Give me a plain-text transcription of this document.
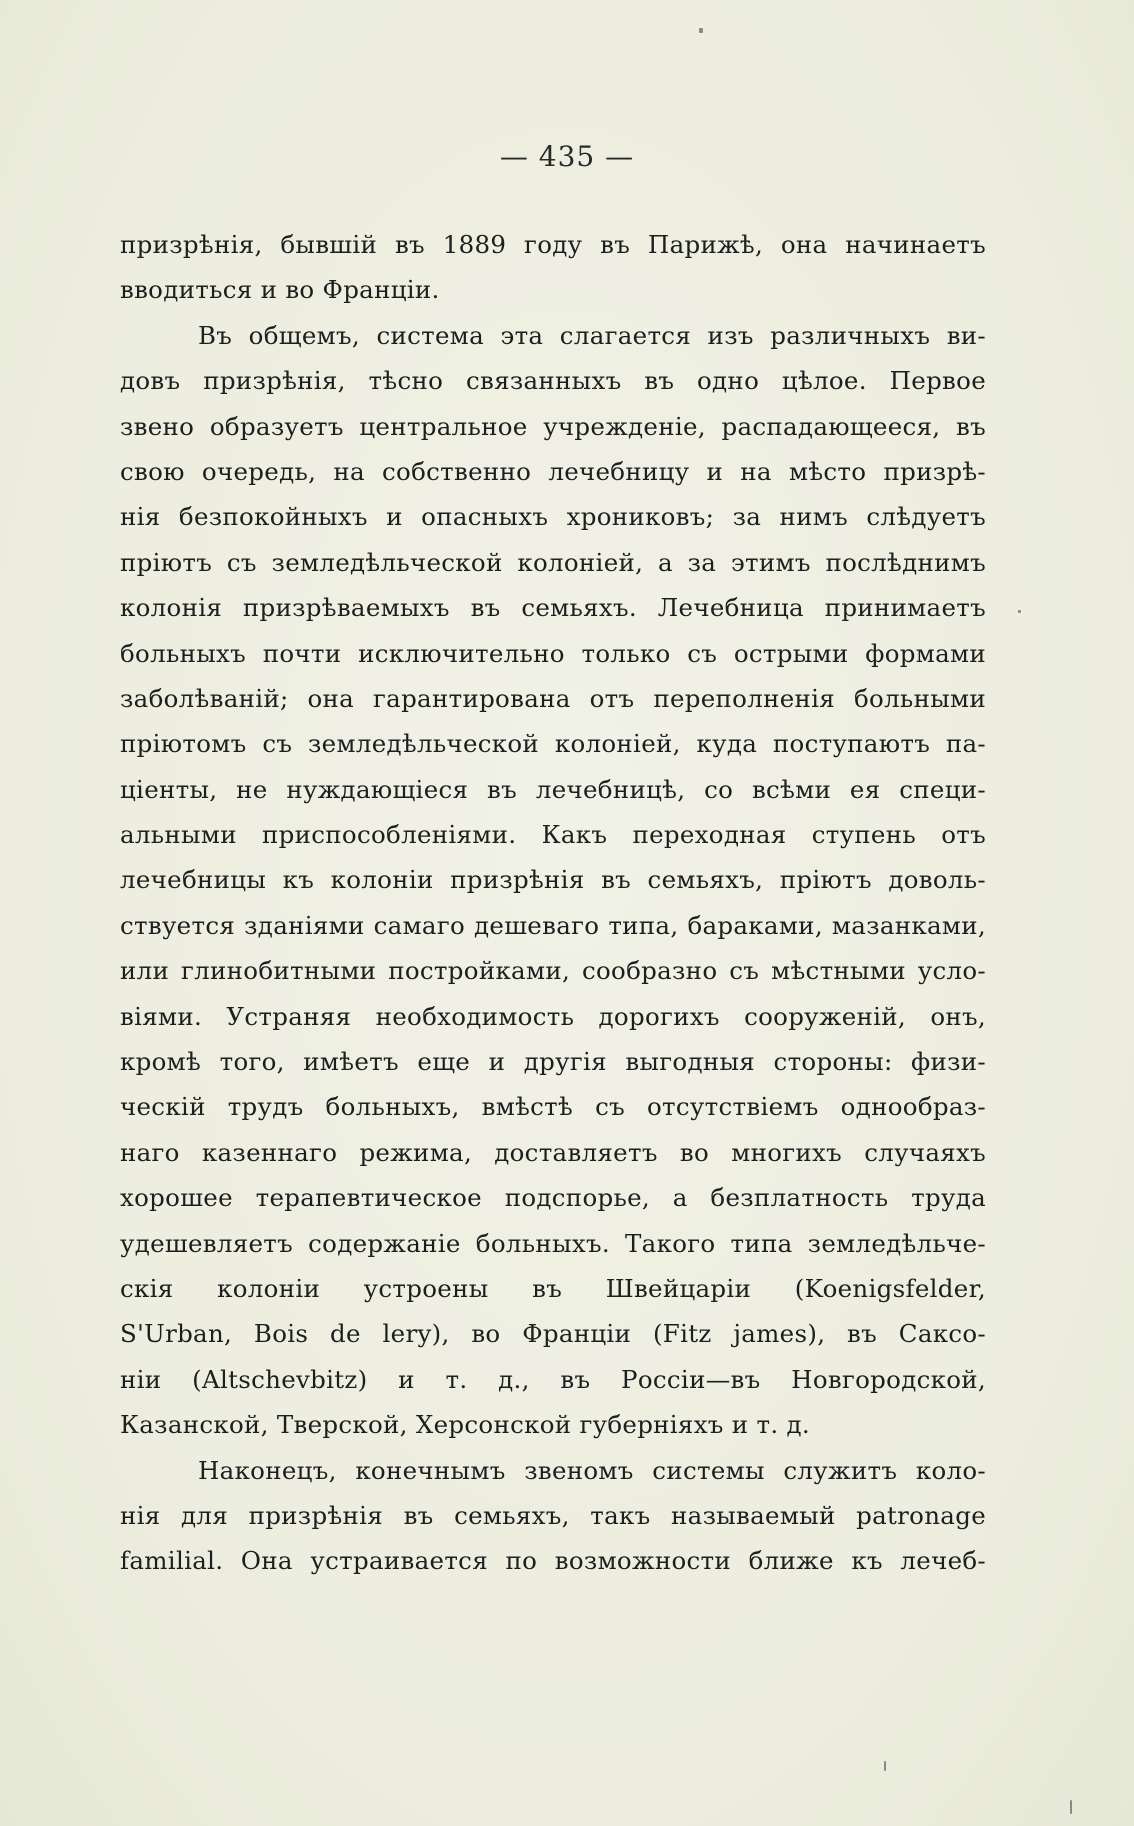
— 435 —
призрѣнія, бывшій въ 1889 году въ Парижѣ, она начинаетъ
вводиться и во Франціи.
Въ общемъ, система эта слагается изъ различныхъ ви-
довъ призрѣнія, тѣсно связанныхъ въ одно цѣлое. Первое
звено образуетъ центральное учрежденіе, распадающееся, въ
свою очередь, на собственно лечебницу и на мѣсто призрѣ-
нія безпокойныхъ и опасныхъ хрониковъ; за нимъ слѣдуетъ
пріютъ съ земледѣльческой колоніей, а за этимъ послѣднимъ
колонія призрѣваемыхъ въ семьяхъ. Лечебница принимаетъ
больныхъ почти исключительно только съ острыми формами
заболѣваній; она гарантирована отъ переполненія больными
пріютомъ съ земледѣльческой колоніей, куда поступаютъ па-
ціенты, не нуждающіеся въ лечебницѣ, со всѣми ея специ-
альными приспособленіями. Какъ переходная ступень отъ
лечебницы къ колоніи призрѣнія въ семьяхъ, пріютъ доволь-
ствуется зданіями самаго дешеваго типа, бараками, мазанками,
или глинобитными постройками, сообразно съ мѣстными усло-
віями. Устраняя необходимость дорогихъ сооруженій, онъ,
кромѣ того, имѣетъ еще и другія выгодныя стороны: физи-
ческій трудъ больныхъ, вмѣстѣ съ отсутствіемъ однообраз-
наго казеннаго режима, доставляетъ во многихъ случаяхъ
хорошее терапевтическое подспорье, а безплатность труда
удешевляетъ содержаніе больныхъ. Такого типа земледѣльче-
скія колоніи устроены въ Швейцаріи (Koenigsfelder,
S'Urban, Bois de lery), во Франціи (Fitz james), въ Саксо-
ніи (Altschevbitz) и т. д., въ Россіи—въ Новгородской,
Казанской, Тверской, Херсонской губерніяхъ и т. д.
Наконецъ, конечнымъ звеномъ системы служитъ коло-
нія для призрѣнія въ семьяхъ, такъ называемый patronage
familial. Она устраивается по возможности ближе къ лечеб-
